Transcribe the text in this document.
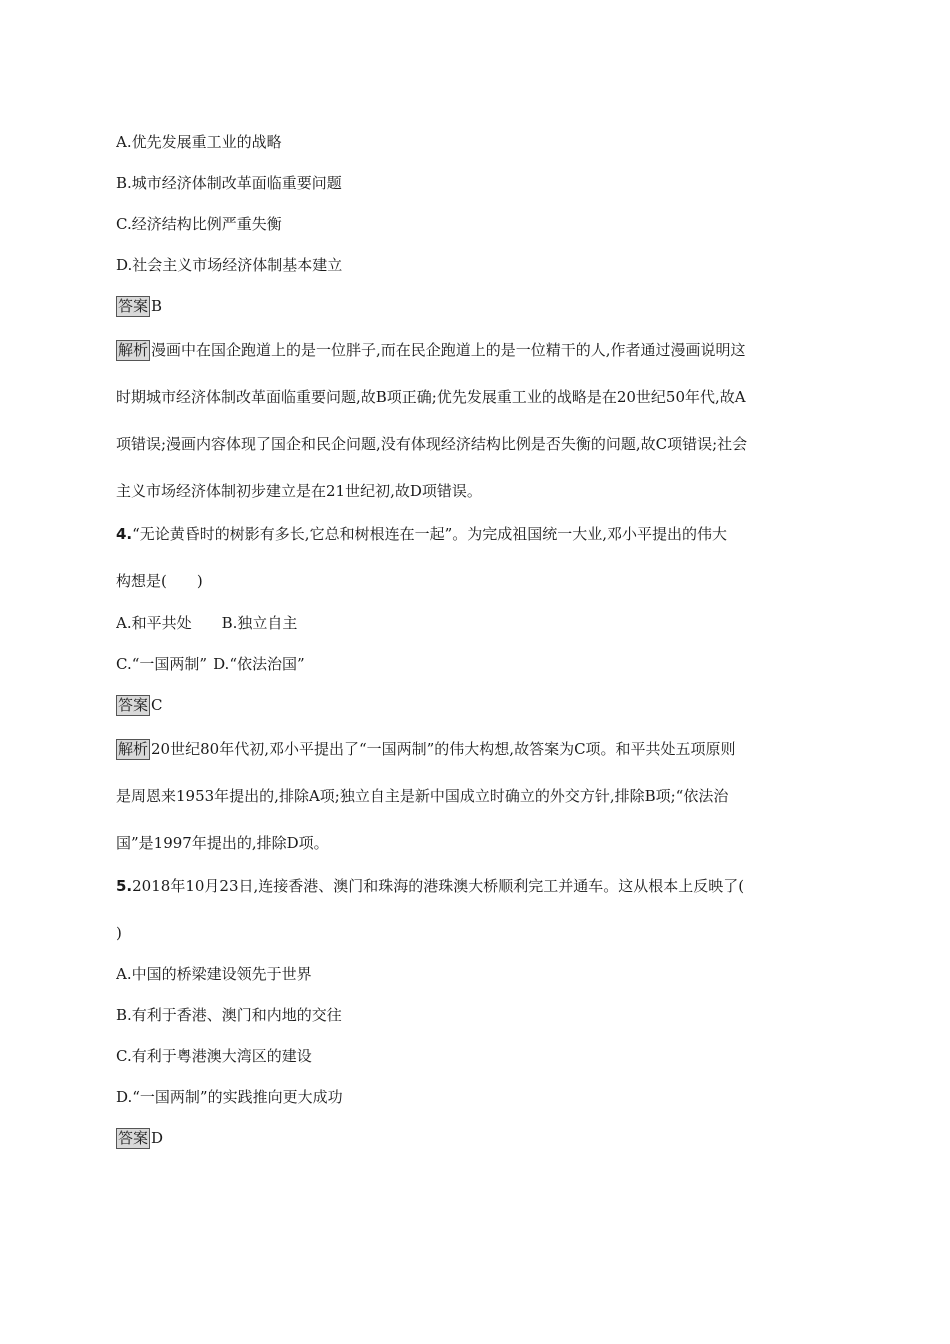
A.优先发展重工业的战略
B.城市经济体制改革面临重要问题
C.经济结构比例严重失衡
D.社会主义市场经济体制基本建立
答案 B
解析 漫画中在国企跑道上的是一位胖子,而在民企跑道上的是一位精干的人,作者通过漫画说明这
时期城市经济体制改革面临重要问题,故B项正确;优先发展重工业的战略是在20世纪50年代,故A
项错误;漫画内容体现了国企和民企问题,没有体现经济结构比例是否失衡的问题,故C项错误;社会
主义市场经济体制初步建立是在21世纪初,故D项错误。
4.“无论黄昏时的树影有多长,它总和树根连在一起”。为完成祖国统一大业,邓小平提出的伟大
构想是(　　)
A.和平共处 B.独立自主
C.“一国两制” D.“依法治国”
答案 C
解析 20世纪80年代初,邓小平提出了“一国两制”的伟大构想,故答案为C项。和平共处五项原则
是周恩来1953年提出的,排除A项;独立自主是新中国成立时确立的外交方针,排除B项;“依法治
国”是1997年提出的,排除D项。
5.2018年10月23日,连接香港、澳门和珠海的港珠澳大桥顺利完工并通车。这从根本上反映了(
)
A.中国的桥梁建设领先于世界
B.有利于香港、澳门和内地的交往
C.有利于粤港澳大湾区的建设
D.“一国两制”的实践推向更大成功
答案 D
